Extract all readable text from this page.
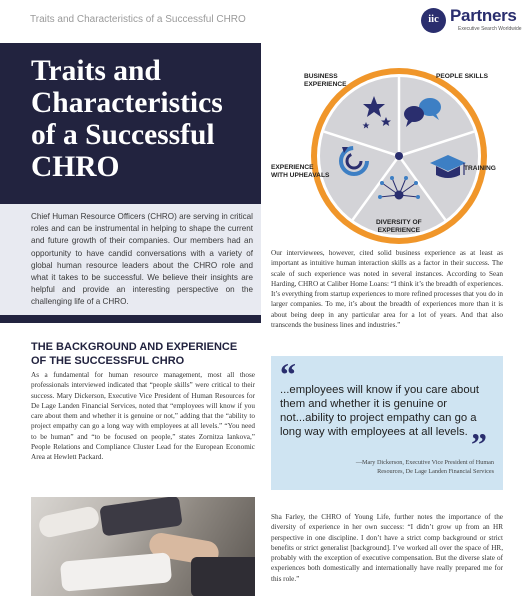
Traits and Characteristics of a Successful CHRO	iic Partners
Executive Search Worldwide
Traits and
Characteristics
of a Successful
CHRO

Chief Human Resource Officers (CHRO) are serving in critical roles and can be instrumental in helping to shape the current and future growth of their companies. Our members had an opportunity to have candid conversations with a variety of global human resource leaders about the CHRO role and what it takes to be successful. We believe their insights are helpful and provide an interesting perspective on the challenging life of a CHRO.

THE BACKGROUND AND EXPERIENCE
OF THE SUCCESSFUL CHRO

As a fundamental for human resource management, most all those professionals interviewed indicated that “people skills” were critical to their success. Mary Dickerson, Executive Vice President of Human Resources for De Lage Landen Financial Services, noted that “employees will know if you care about them and whether it is genuine or not,” adding that the “ability to project empathy can go a long way with employees at all levels.” “You need to be human” and “to be focused on people,” states Zornitza Iankova,” People Relations and Compliance Cluster Lead for the European Economic Area at Hewlett Packard.

BUSINESS
EXPERIENCE
PEOPLE SKILLS
TRAINING
DIVERSITY OF
EXPERIENCE
EXPERIENCE
WITH UPHEAVALS

Our interviewees, however, cited solid business experience as at least as important as intuitive human interaction skills as a factor in their success. The scale of such experience was noted in several instances. According to Sean Harding, CHRO at Caliber Home Loans: “I think it’s the breadth of experiences. It’s everything from startup experiences to more refined processes that you do in larger companies. To me, it’s about the breadth of experiences more than it is about being deep in any particular area for a lot of years. And that also transcends the business lines and industries.”

“
...employees will know if you care about them and whether it is genuine or not...ability to project empathy can go a long way with employees at all levels. ”
—Mary Dickerson, Executive Vice President of Human
Resources, De Lage Landen Financial Services

Sha Farley, the CHRO of Young Life, further notes the importance of the diversity of experience in her own success: “I didn’t grow up from an HR perspective in one discipline. I don’t have a strict comp background or strict benefits or strict generalist [background]. I’ve worked all over the space of HR, probably with the exception of executive compensation. But the diverse slate of experiences both domestically and internationally have really prepared me for this role.”
